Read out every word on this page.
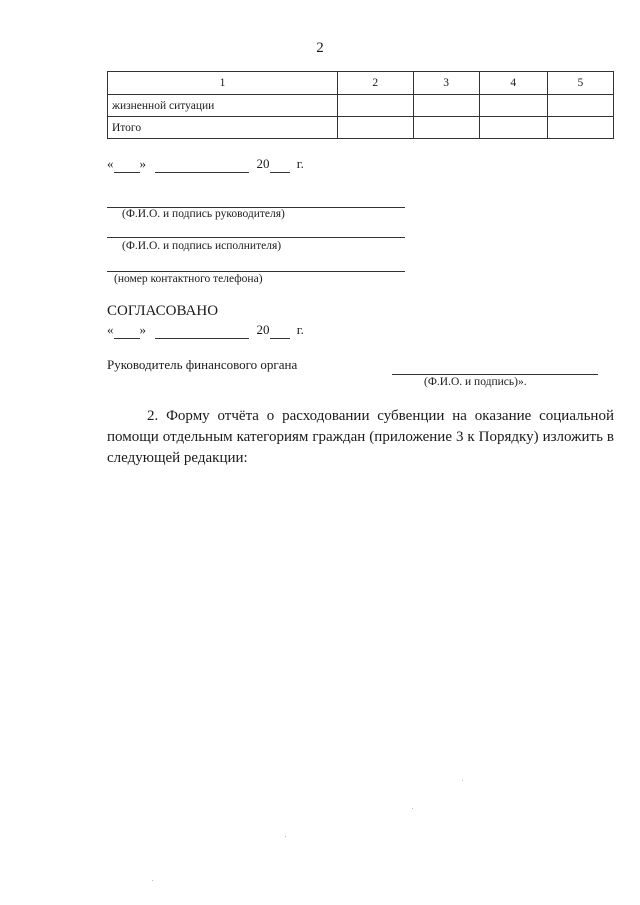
2
1	2	3	4	5
жизненной ситуации				
Итого				
« »	20 г.
(Ф.И.О. и подпись руководителя)
(Ф.И.О. и подпись исполнителя)
(номер контактного телефона)
СОГЛАСОВАНО
« »	20 г.
Руководитель финансового органа
(Ф.И.О. и подпись)».
2. Форму отчёта о расходовании субвенции на оказание социальной помощи отдельным категориям граждан (приложение 3 к Порядку) изложить в следующей редакции:
